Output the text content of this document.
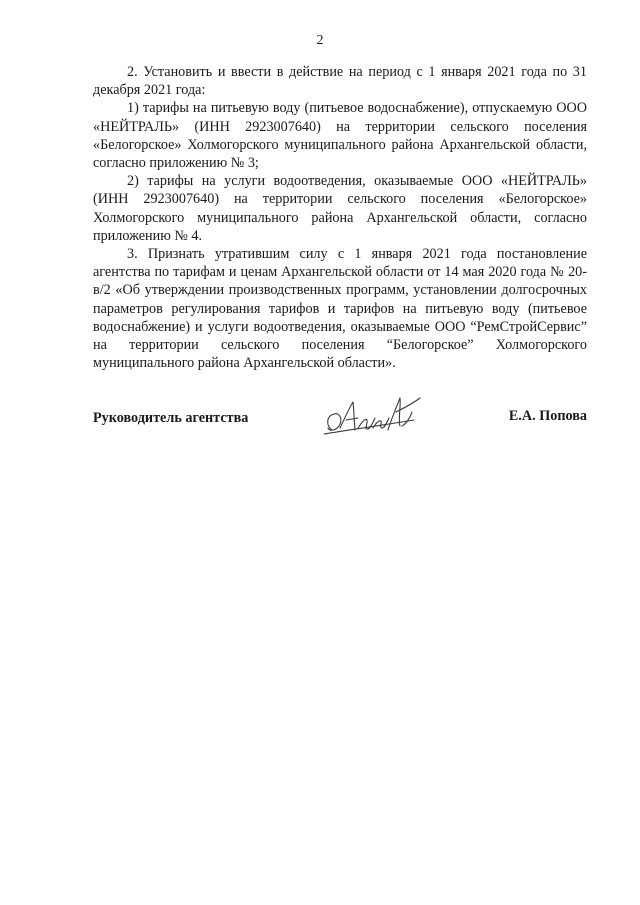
2

2. Установить и ввести в действие на период с 1 января 2021 года по 31 декабря 2021 года:

1) тарифы на питьевую воду (питьевое водоснабжение), отпускаемую ООО «НЕЙТРАЛЬ» (ИНН 2923007640) на территории сельского поселения «Белогорское» Холмогорского муниципального района Архангельской области, согласно приложению № 3;

2) тарифы на услуги водоотведения, оказываемые ООО «НЕЙТРАЛЬ» (ИНН 2923007640) на территории сельского поселения «Белогорское» Холмогорского муниципального района Архангельской области, согласно приложению № 4.

3. Признать утратившим силу с 1 января 2021 года постановление агентства по тарифам и ценам Архангельской области от 14 мая 2020 года № 20-в/2 «Об утверждении производственных программ, установлении долгосрочных параметров регулирования тарифов и тарифов на питьевую воду (питьевое водоснабжение) и услуги водоотведения, оказываемые ООО “РемСтройСервис” на территории сельского поселения “Белогорское” Холмогорского муниципального района Архангельской области».

Руководитель агентства	Е.А. Попова
